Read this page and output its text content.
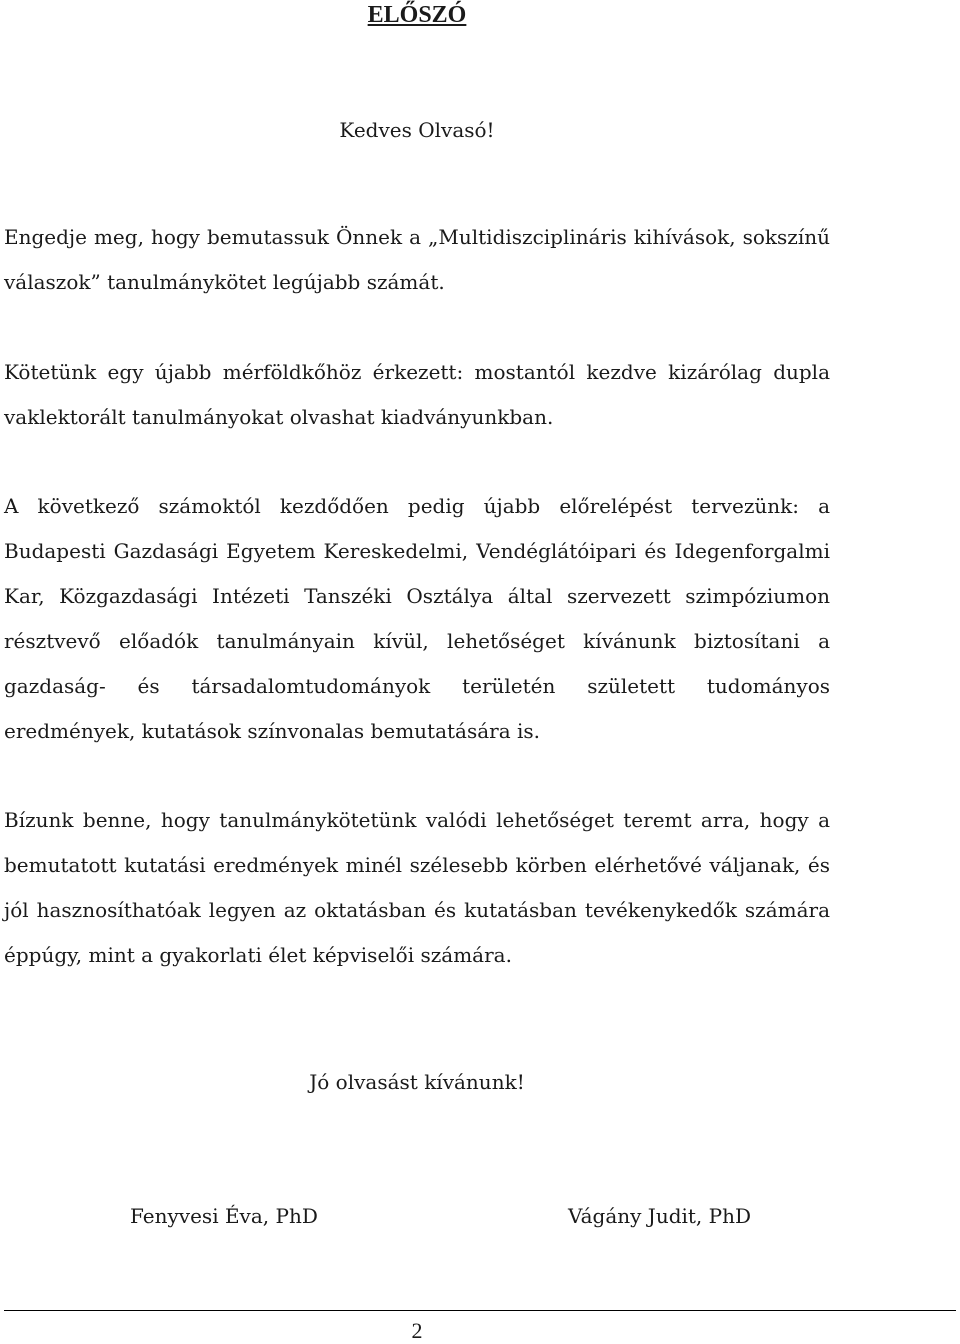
ELŐSZÓ
Kedves Olvasó!

Engedje meg, hogy bemutassuk Önnek a „Multidiszciplináris kihívások, sokszínű válaszok” tanulmánykötet legújabb számát.

Kötetünk egy újabb mérföldkőhöz érkezett: mostantól kezdve kizárólag dupla vaklektorált tanulmányokat olvashat kiadványunkban.

A következő számoktól kezdődően pedig újabb előrelépést tervezünk: a Budapesti Gazdasági Egyetem Kereskedelmi, Vendéglátóipari és Idegenforgalmi Kar, Közgazdasági Intézeti Tanszéki Osztálya által szervezett szimpóziumon résztvevő előadók tanulmányain kívül, lehetőséget kívánunk biztosítani a gazdaság- és társadalomtudományok területén született tudományos eredmények, kutatások színvonalas bemutatására is.

Bízunk benne, hogy tanulmánykötetünk valódi lehetőséget teremt arra, hogy a bemutatott kutatási eredmények minél szélesebb körben elérhetővé váljanak, és jól hasznosíthatóak legyen az oktatásban és kutatásban tevékenykedők számára éppúgy, mint a gyakorlati élet képviselői számára.

Jó olvasást kívánunk!
Fenyvesi Éva, PhD	Vágány Judit, PhD
2
